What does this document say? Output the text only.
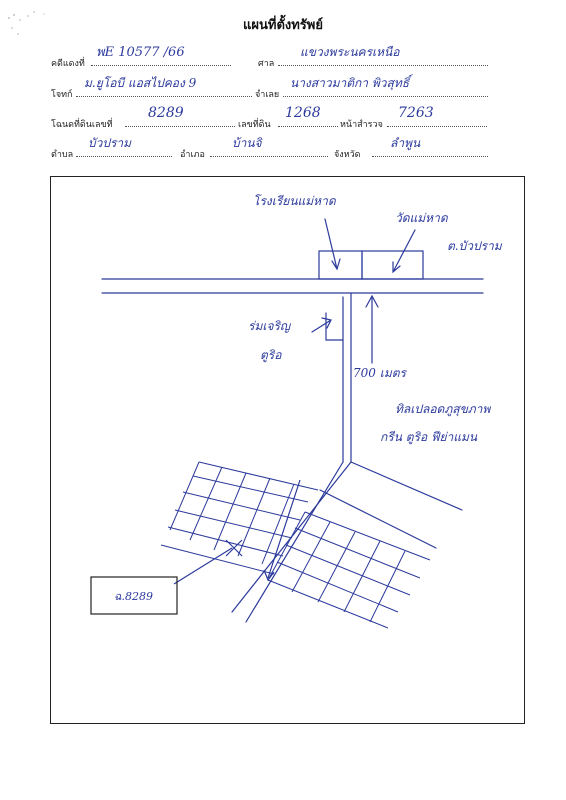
แผนที่ตั้งทรัพย์
คดีแดงที่
พE 10577 /66
ศาล
แขวงพระนครเหนือ
โจทก์
ม.ยูโอบี แอสไปคอง 9
จำเลย
นางสาวมาติกา พิวสุทธิ์
โฉนดที่ดินเลขที่
8289
เลขที่ดิน
1268
หน้าสำรวจ
7263
ตำบล
บัวปราม
อำเภอ
บ้านจิ
จังหวัด
ลำพูน
โรงเรียนแม่หาด
วัดแม่หาด
ต.บัวปราม
ร่มเจริญ
ตูริอ
700 เมตร
ทิลเปลอดภูสุขภาพ
กรีน ตูริอ ฟีย่าแมน
ฉ.8289
